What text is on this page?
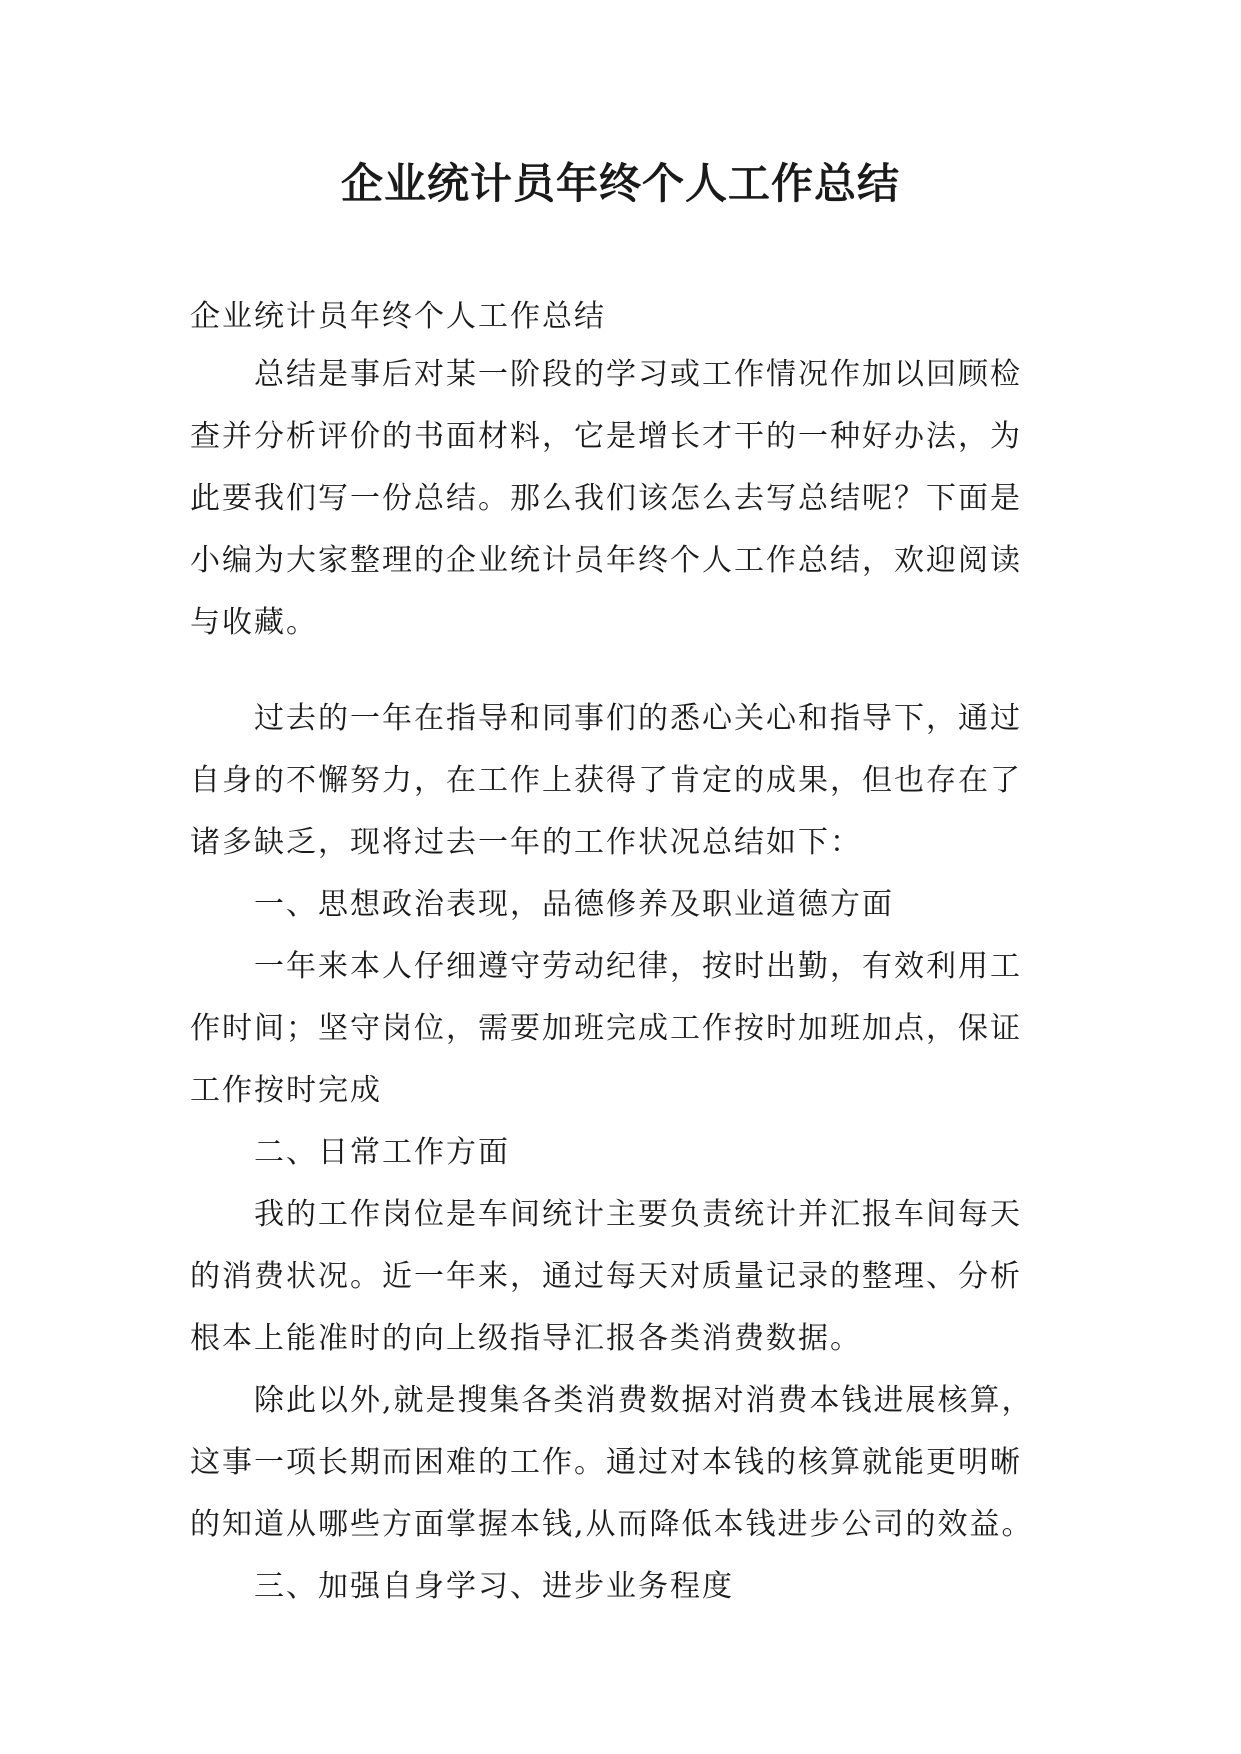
企业统计员年终个人工作总结
企业统计员年终个人工作总结

总结是事后对某一阶段的学习或工作情况作加以回顾检查并分析评价的书面材料，它是增长才干的一种好办法，为此要我们写一份总结。那么我们该怎么去写总结呢？下面是小编为大家整理的企业统计员年终个人工作总结，欢迎阅读与收藏。

过去的一年在指导和同事们的悉心关心和指导下，通过自身的不懈努力，在工作上获得了肯定的成果，但也存在了诸多缺乏，现将过去一年的工作状况总结如下：

一、思想政治表现，品德修养及职业道德方面

一年来本人仔细遵守劳动纪律，按时出勤，有效利用工作时间；坚守岗位，需要加班完成工作按时加班加点，保证工作按时完成

二、日常工作方面

我的工作岗位是车间统计主要负责统计并汇报车间每天的消费状况。近一年来，通过每天对质量记录的整理、分析根本上能准时的向上级指导汇报各类消费数据。

除此以外,就是搜集各类消费数据对消费本钱进展核算，这事一项长期而困难的工作。通过对本钱的核算就能更明晰的知道从哪些方面掌握本钱,从而降低本钱进步公司的效益。

三、加强自身学习、进步业务程度
